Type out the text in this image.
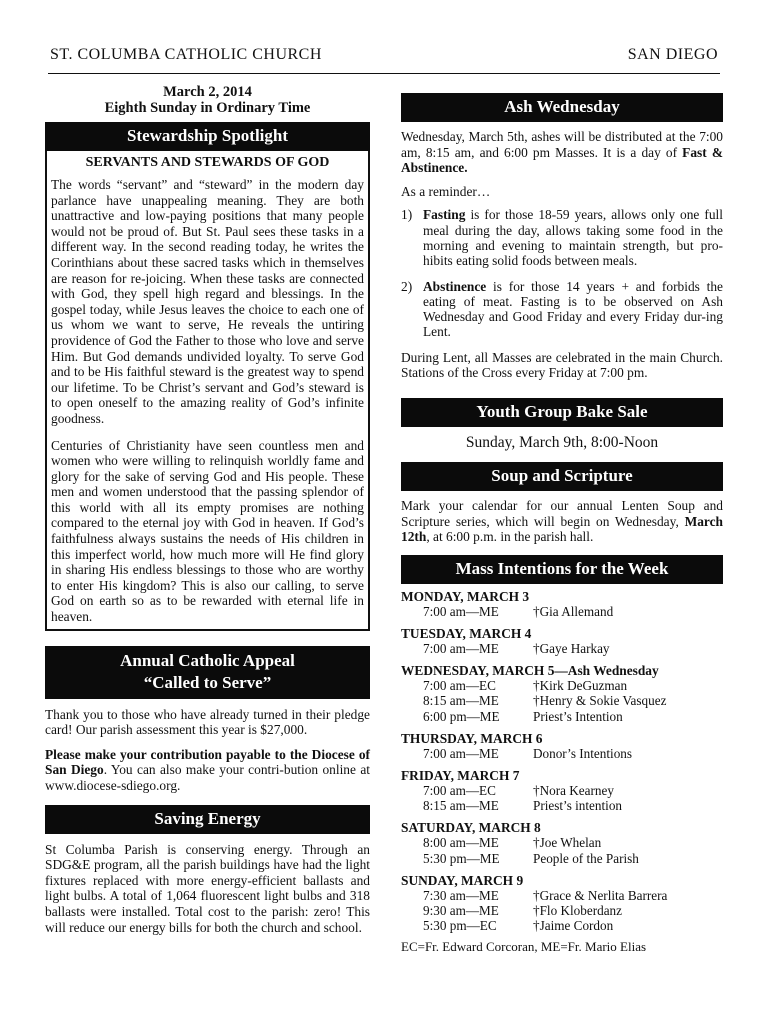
ST. COLUMBA CATHOLIC CHURCH	SAN DIEGO
March 2, 2014
Eighth Sunday in Ordinary Time
Stewardship Spotlight
SERVANTS AND STEWARDS OF GOD

The words “servant” and “steward” in the modern day parlance have unappealing meaning. They are both unattractive and low-paying positions that many people would not be proud of. But St. Paul sees these tasks in a different way. In the second reading today, he writes the Corinthians about these sacred tasks which in themselves are reason for re-joicing. When these tasks are connected with God, they spell high regard and blessings. In the gospel today, while Jesus leaves the choice to each one of us whom we want to serve, He reveals the untiring providence of God the Father to those who love and serve Him. But God demands undivided loyalty. To serve God and to be His faithful steward is the greatest way to spend our lifetime. To be Christ’s servant and God’s steward is to open oneself to the amazing reality of God’s infinite goodness.

Centuries of Christianity have seen countless men and women who were willing to relinquish worldly fame and glory for the sake of serving God and His people. These men and women understood that the passing splendor of this world with all its empty promises are nothing compared to the eternal joy with God in heaven. If God’s faithfulness always sustains the needs of His children in this imperfect world, how much more will He find glory in sharing His endless blessings to those who are worthy to enter His kingdom? This is also our calling, to serve God on earth so as to be rewarded with eternal life in heaven.

Annual Catholic Appeal
“Called to Serve”

Thank you to those who have already turned in their pledge card! Our parish assessment this year is $27,000.

Please make your contribution payable to the Diocese of San Diego. You can also make your contri-bution online at www.diocese-sdiego.org.

Saving Energy

St Columba Parish is conserving energy. Through an SDG&E program, all the parish buildings have had the light fixtures replaced with more energy-efficient ballasts and light bulbs. A total of 1,064 fluorescent light bulbs and 318 ballasts were installed. Total cost to the parish: zero! This will reduce our energy bills for both the church and school.

Ash Wednesday

Wednesday, March 5th, ashes will be distributed at the 7:00 am, 8:15 am, and 6:00 pm Masses. It is a day of Fast & Abstinence.

As a reminder…

1) Fasting is for those 18-59 years, allows only one full meal during the day, allows taking some food in the morning and evening to maintain strength, but pro-hibits eating solid foods between meals.
2) Abstinence is for those 14 years + and forbids the eating of meat. Fasting is to be observed on Ash Wednesday and Good Friday and every Friday dur-ing Lent.

During Lent, all Masses are celebrated in the main Church. Stations of the Cross every Friday at 7:00 pm.

Youth Group Bake Sale
Sunday, March 9th, 8:00-Noon
Soup and Scripture

Mark your calendar for our annual Lenten Soup and Scripture series, which will begin on Wednesday, March 12th, at 6:00 p.m. in the parish hall.

Mass Intentions for the Week
MONDAY, MARCH 3
7:00 am—ME	†Gia Allemand
TUESDAY, MARCH 4
7:00 am—ME	†Gaye Harkay
WEDNESDAY, MARCH 5—Ash Wednesday
7:00 am—EC	†Kirk DeGuzman
8:15 am—ME	†Henry & Sokie Vasquez
6:00 pm—ME	Priest’s Intention
THURSDAY, MARCH 6
7:00 am—ME	Donor’s Intentions
FRIDAY, MARCH 7
7:00 am—EC	†Nora Kearney
8:15 am—ME	Priest’s intention
SATURDAY, MARCH 8
8:00 am—ME	†Joe Whelan
5:30 pm—ME	People of the Parish
SUNDAY, MARCH 9
7:30 am—ME	†Grace & Nerlita Barrera
9:30 am—ME	†Flo Kloberdanz
5:30 pm—EC	†Jaime Cordon
EC=Fr. Edward Corcoran, ME=Fr. Mario Elias
